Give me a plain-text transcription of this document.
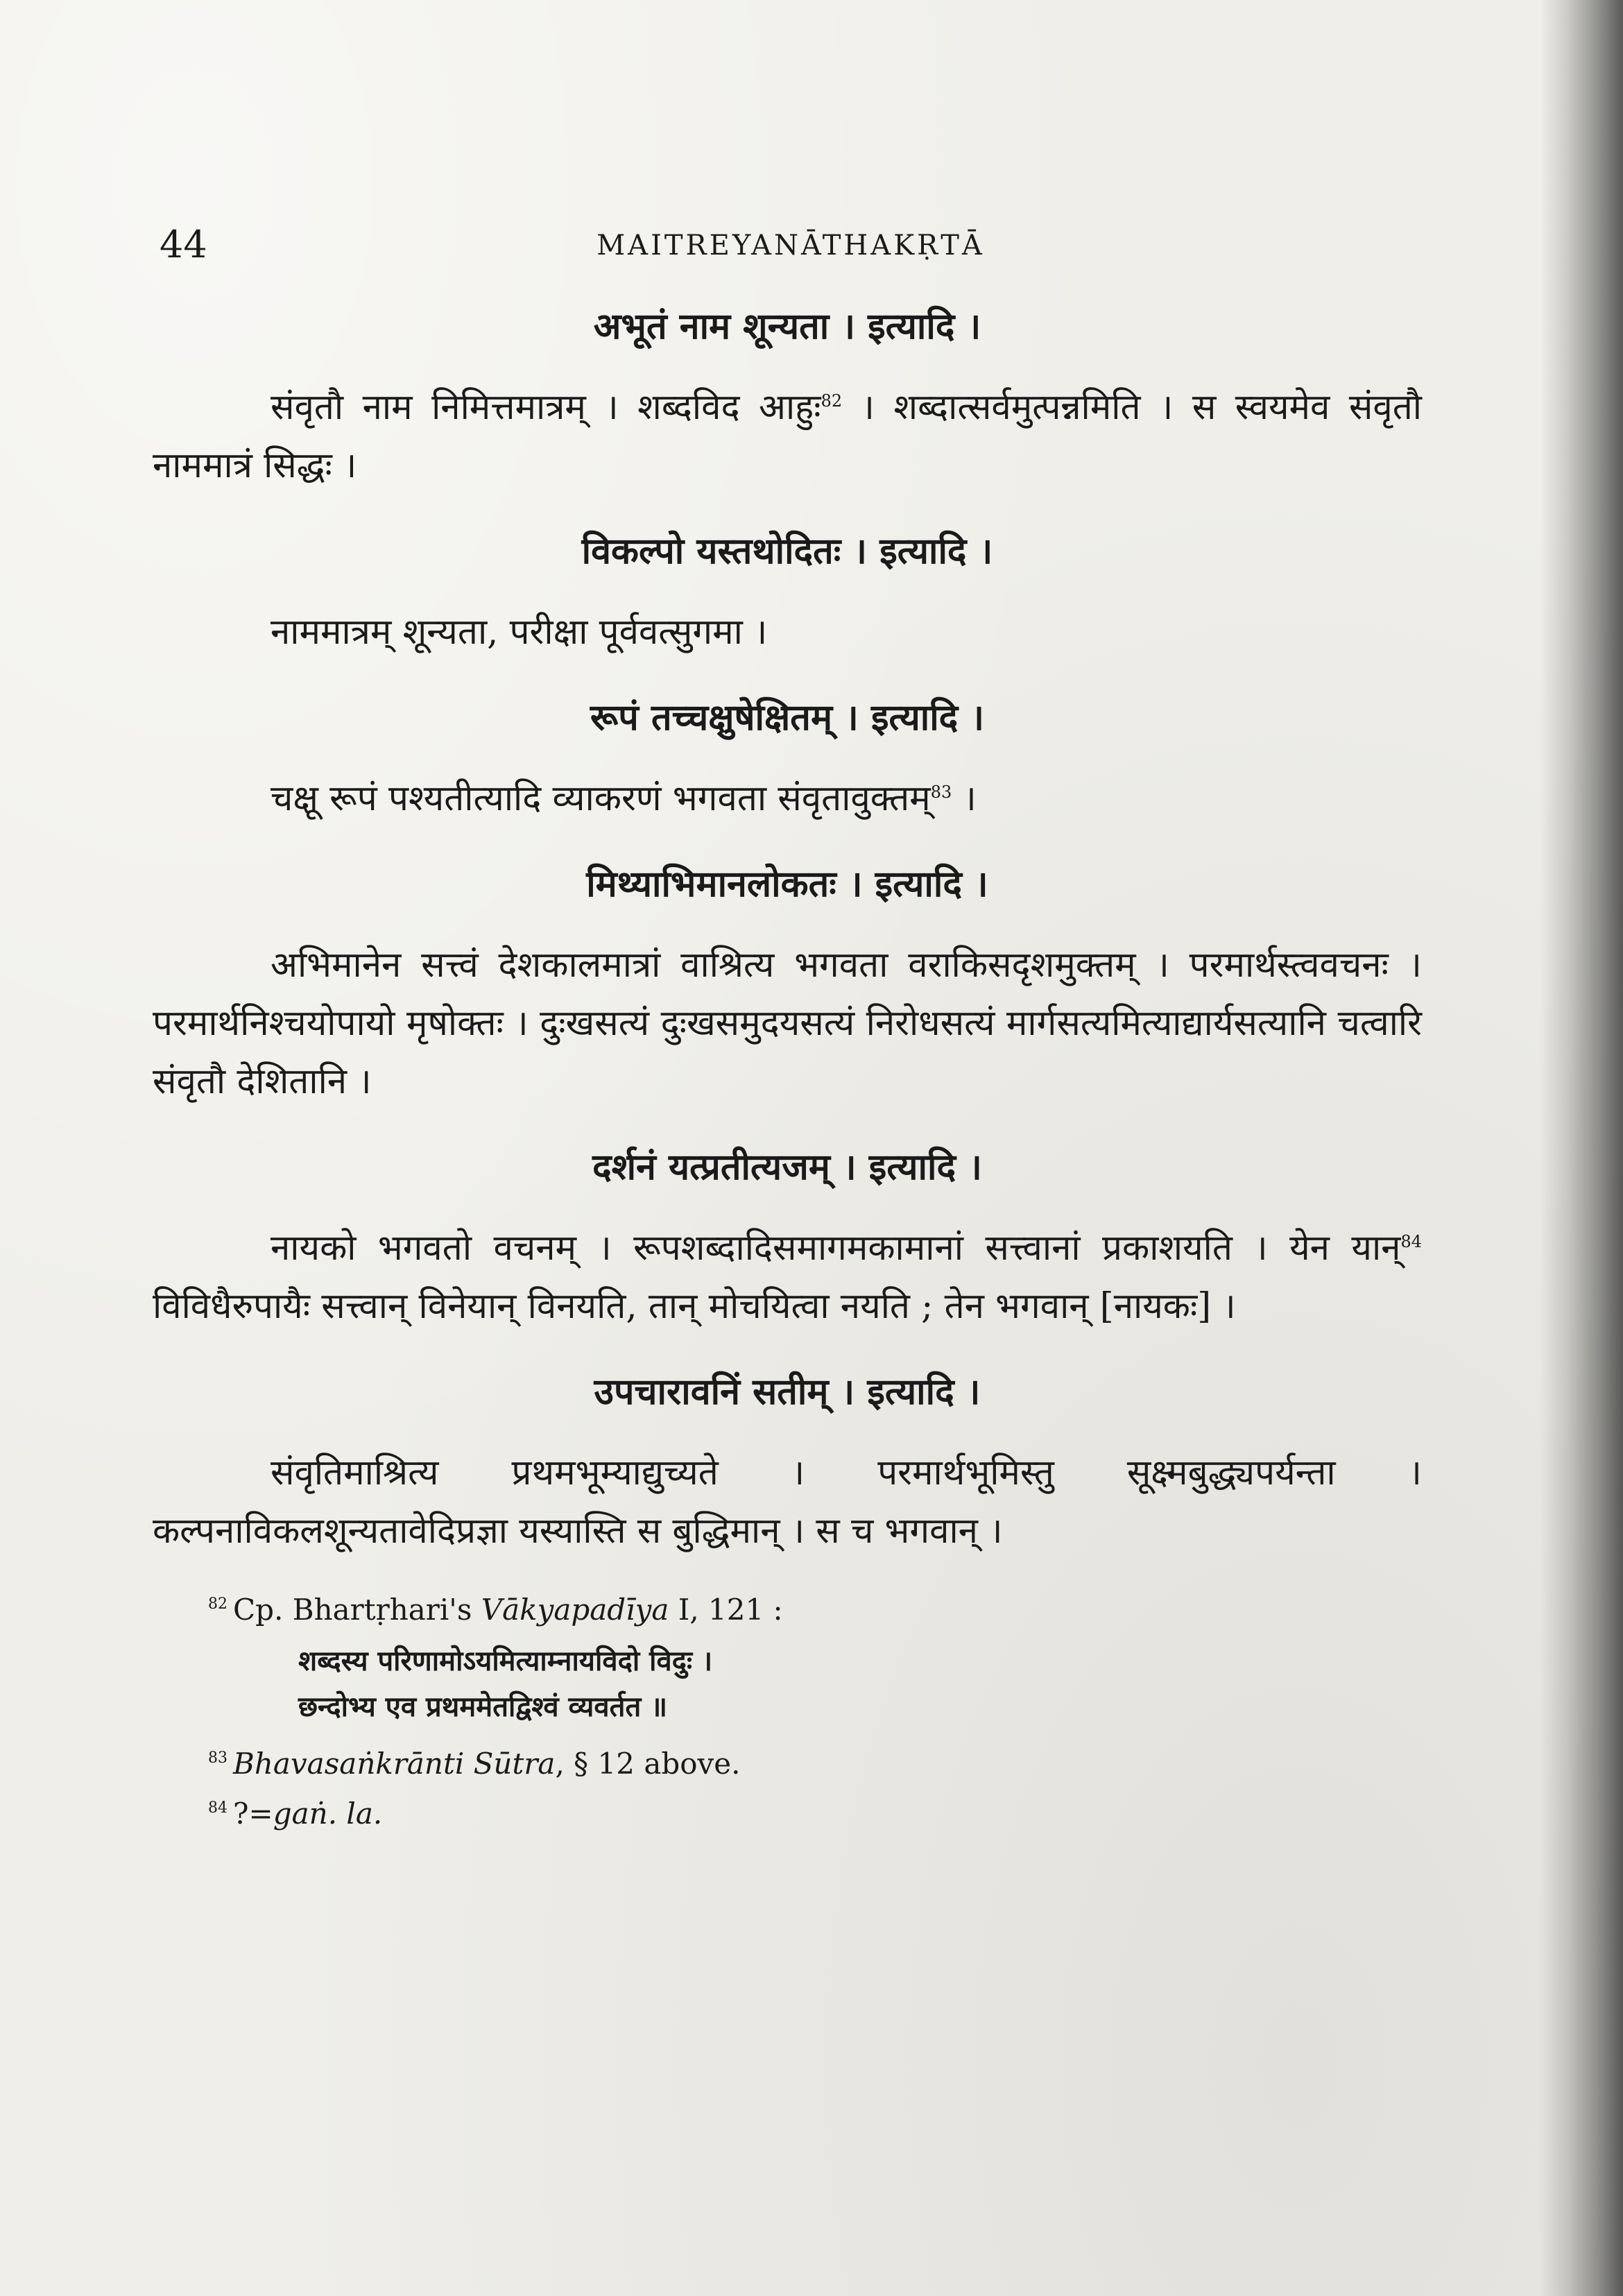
44	MAITREYANĀTHAKṚTĀ
अभूतं नाम शून्यता । इत्यादि ।

संवृतौ नाम निमित्तमात्रम् । शब्दविद आहुः$^{82}$ । शब्दात्सर्वमुत्पन्नमिति । स स्वयमेव संवृतौ नाममात्रं सिद्धः ।

विकल्पो यस्तथोदितः । इत्यादि ।

नाममात्रम् शून्यता, परीक्षा पूर्ववत्सुगमा ।

रूपं तच्चक्षुषेक्षितम् । इत्यादि ।

चक्षू रूपं पश्यतीत्यादि व्याकरणं भगवता संवृतावुक्तम्$^{83}$ ।

मिथ्याभिमानलोकतः । इत्यादि ।

अभिमानेन सत्त्वं देशकालमात्रां वाश्रित्य भगवता वराकिसदृशमुक्तम् । परमार्थस्त्ववचनः । परमार्थनिश्चयोपायो मृषोक्तः । दुःखसत्यं दुःखसमुदयसत्यं निरोधसत्यं मार्गसत्यमित्याद्यार्यसत्यानि चत्वारि संवृतौ देशितानि ।

दर्शनं यत्प्रतीत्यजम् । इत्यादि ।

नायको भगवतो वचनम् । रूपशब्दादिसमागमकामानां सत्त्वानां प्रकाशयति । येन यान्$^{84}$ विविधैरुपायैः सत्त्वान् विनेयान् विनयति, तान् मोचयित्वा नयति ; तेन भगवान् [नायकः] ।

उपचारावनिं सतीम् । इत्यादि ।

संवृतिमाश्रित्य प्रथमभूम्याद्युच्यते । परमार्थभूमिस्तु सूक्ष्मबुद्ध्यपर्यन्ता । कल्पनाविकलशून्यतावेदिप्रज्ञा यस्यास्ति स बुद्धिमान् । स च भगवान् ।

82 Cp. Bhartṛhari's Vākyapadīya I, 121 :
शब्दस्य परिणामोऽयमित्याम्नायविदो विदुः ।
छन्दोभ्य एव प्रथममेतद्विश्वं व्यवर्तत ॥
83 Bhavasaṅkrānti Sūtra, § 12 above.
84 ?=gaṅ. la.
